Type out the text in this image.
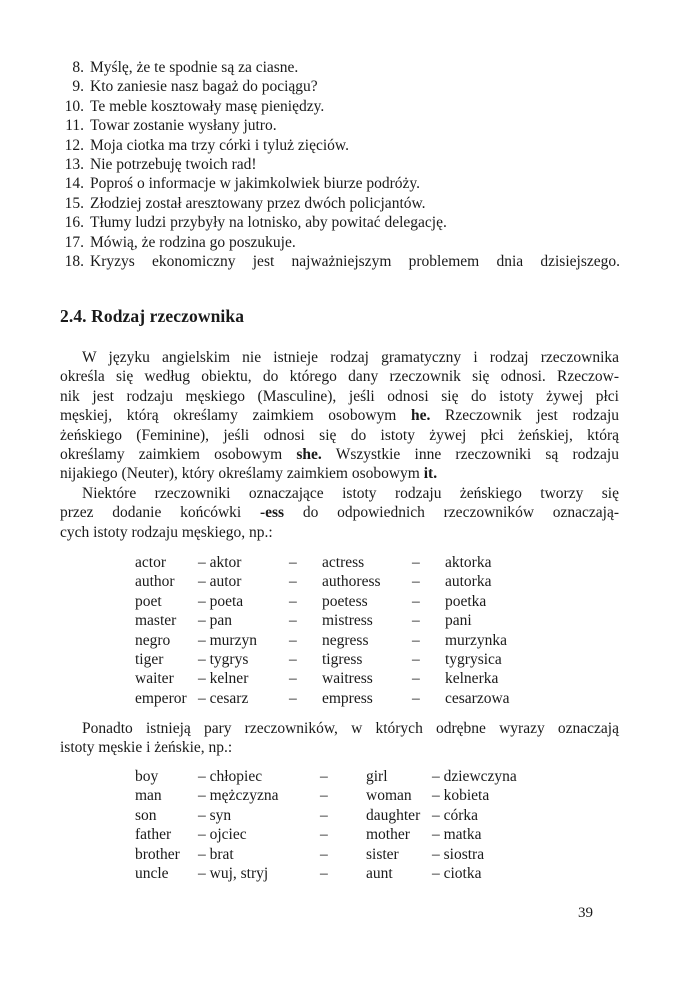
8. Myślę, że te spodnie są za ciasne.
9. Kto zaniesie nasz bagaż do pociągu?
10. Te meble kosztowały masę pieniędzy.
11. Towar zostanie wysłany jutro.
12. Moja ciotka ma trzy córki i tyluż zięciów.
13. Nie potrzebuję twoich rad!
14. Poproś o informacje w jakimkolwiek biurze podróży.
15. Złodziej został aresztowany przez dwóch policjantów.
16. Tłumy ludzi przybyły na lotnisko, aby powitać delegację.
17. Mówią, że rodzina go poszukuje.
18. Kryzys ekonomiczny jest najważniejszym problemem dnia dzisiejszego.
2.4. Rodzaj rzeczownika
W języku angielskim nie istnieje rodzaj gramatyczny i rodzaj rzeczownika
określa się według obiektu, do którego dany rzeczownik się odnosi. Rzeczow-
nik jest rodzaju męskiego (Masculine), jeśli odnosi się do istoty żywej płci
męskiej, którą określamy zaimkiem osobowym he. Rzeczownik jest rodzaju
żeńskiego (Feminine), jeśli odnosi się do istoty żywej płci żeńskiej, którą
określamy zaimkiem osobowym she. Wszystkie inne rzeczowniki są rodzaju
nijakiego (Neuter), który określamy zaimkiem osobowym it.
Niektóre rzeczowniki oznaczające istoty rodzaju żeńskiego tworzy się
przez dodanie końcówki -ess do odpowiednich rzeczowników oznaczają-
cych istoty rodzaju męskiego, np.:
actor	– aktor	–	actress	–	aktorka
author	– autor	–	authoress	–	autorka
poet	– poeta	–	poetess	–	poetka
master	– pan	–	mistress	–	pani
negro	– murzyn	–	negress	–	murzynka
tiger	– tygrys	–	tigress	–	tygrysica
waiter	– kelner	–	waitress	–	kelnerka
emperor	– cesarz	–	empress	–	cesarzowa
Ponadto istnieją pary rzeczowników, w których odrębne wyrazy oznaczają
istoty męskie i żeńskie, np.:
boy	– chłopiec	–	girl	– dziewczyna
man	– mężczyzna	–	woman	– kobieta
son	– syn	–	daughter	– córka
father	– ojciec	–	mother	– matka
brother	– brat	–	sister	– siostra
uncle	– wuj, stryj	–	aunt	– ciotka
39
